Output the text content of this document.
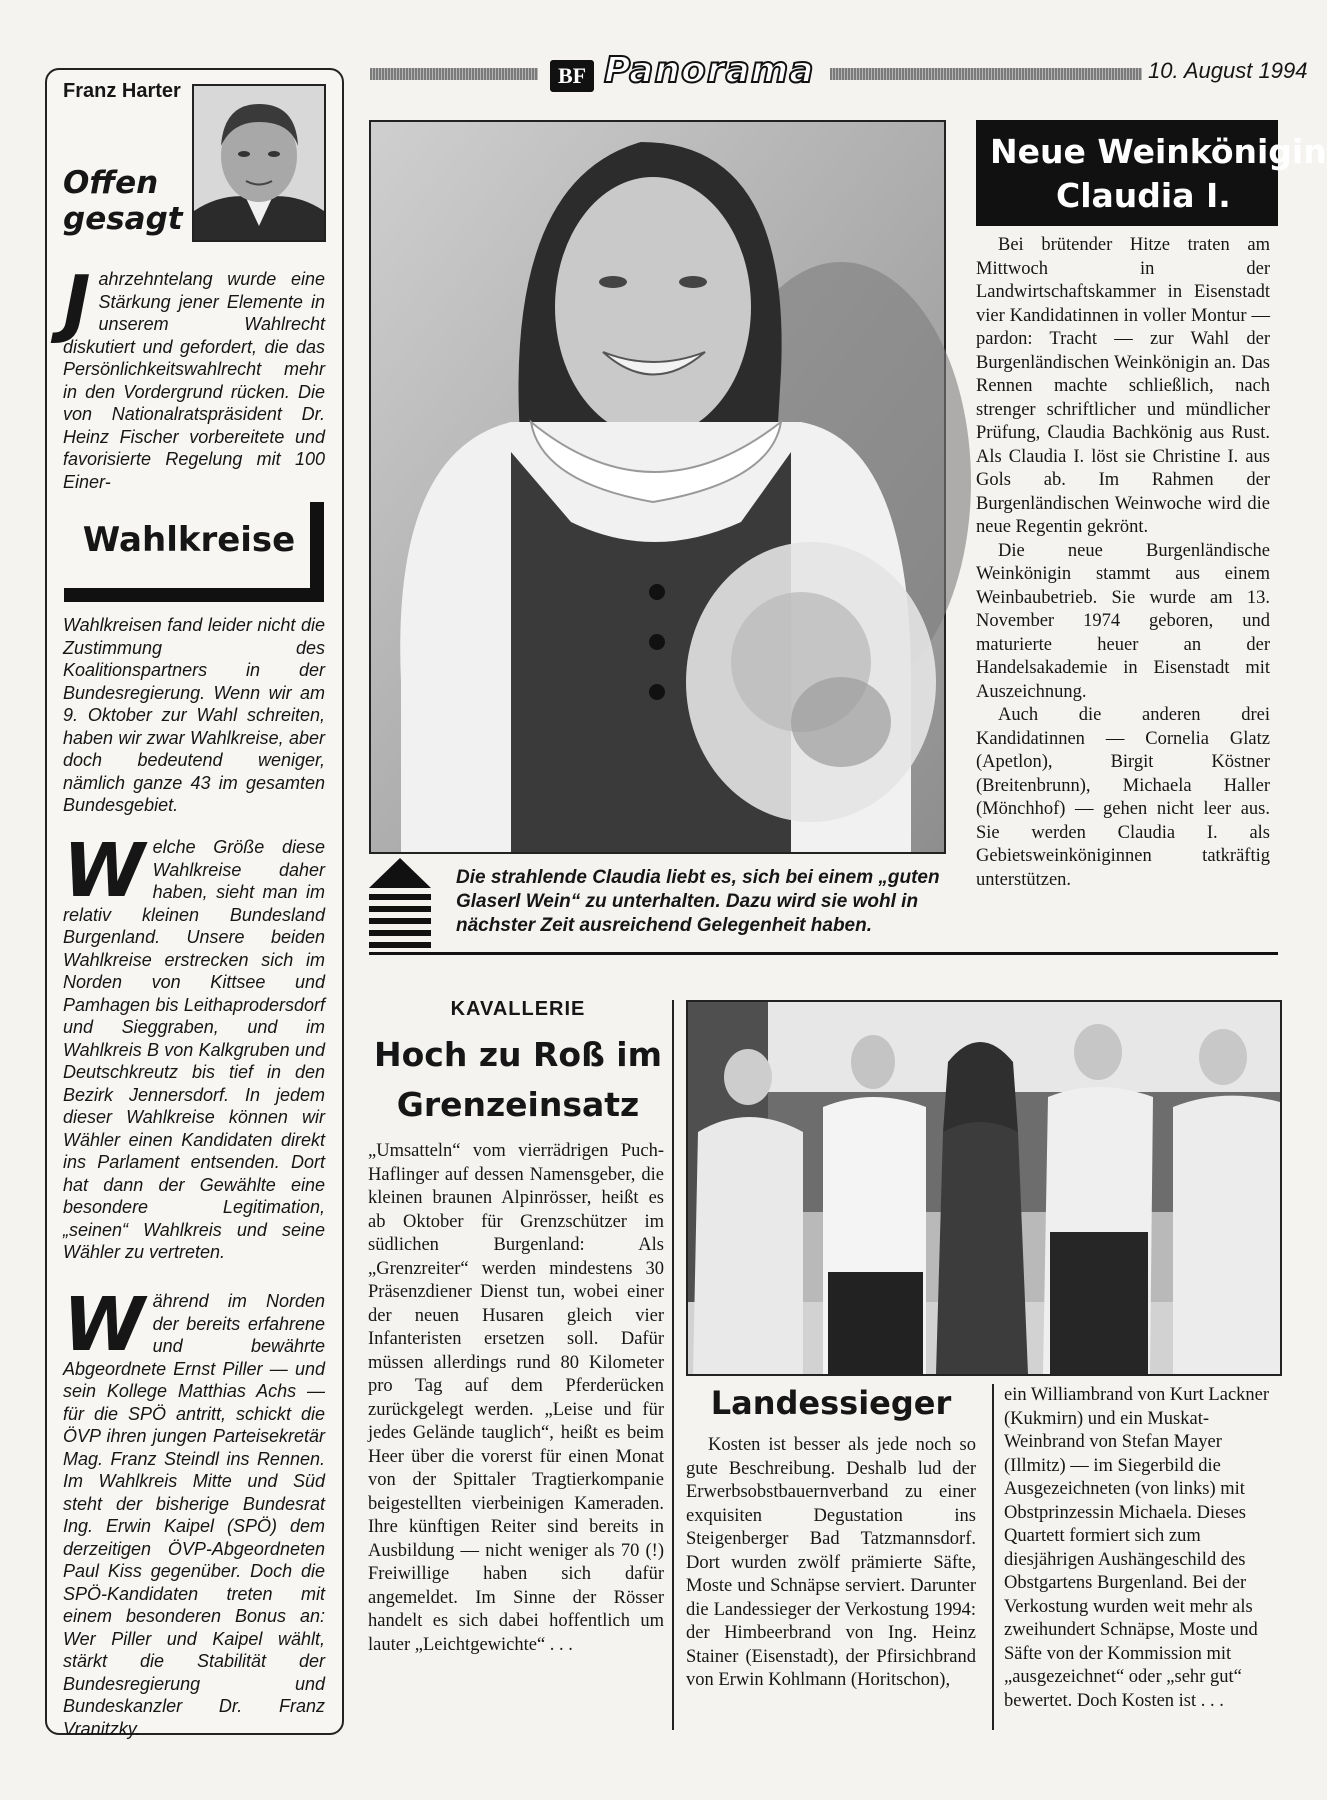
BF Panorama	10. August 1994
Franz Harter
Offen gesagt
J ahrzehntelang wurde eine Stärkung jener Elemente in unserem Wahlrecht diskutiert und gefordert, die das Persönlichkeitswahlrecht mehr in den Vordergrund rücken. Die von Nationalratspräsident Dr. Heinz Fischer vorbereitete und favorisierte Regelung mit 100 Einer-
Wahlkreise
Wahlkreisen fand leider nicht die Zustimmung des Koalitionspartners in der Bundesregierung. Wenn wir am 9. Oktober zur Wahl schreiten, haben wir zwar Wahlkreise, aber doch bedeutend weniger, nämlich ganze 43 im gesamten Bundesgebiet.
W elche Größe diese Wahlkreise daher haben, sieht man im relativ kleinen Bundesland Burgenland. Unsere beiden Wahlkreise erstrecken sich im Norden von Kittsee und Pamhagen bis Leithaprodersdorf und Sieggraben, und im Wahlkreis B von Kalkgruben und Deutschkreutz bis tief in den Bezirk Jennersdorf. In jedem dieser Wahlkreise können wir Wähler einen Kandidaten direkt ins Parlament entsenden. Dort hat dann der Gewählte eine besondere Legitimation, „seinen“ Wahlkreis und seine Wähler zu vertreten.
W ährend im Norden der bereits erfahrene und bewährte Abgeordnete Ernst Piller — und sein Kollege Matthias Achs — für die SPÖ antritt, schickt die ÖVP ihren jungen Parteisekretär Mag. Franz Steindl ins Rennen. Im Wahlkreis Mitte und Süd steht der bisherige Bundesrat Ing. Erwin Kaipel (SPÖ) dem derzeitigen ÖVP-Abgeordneten Paul Kiss gegenüber. Doch die SPÖ-Kandidaten treten mit einem besonderen Bonus an: Wer Piller und Kaipel wählt, stärkt die Stabilität der Bundesregierung und Bundeskanzler Dr. Franz Vranitzky.
Die strahlende Claudia liebt es, sich bei einem „guten Glaserl Wein“ zu unterhalten. Dazu wird sie wohl in nächster Zeit ausreichend Gelegenheit haben.
Neue Weinkönigin
Claudia I.

Bei brütender Hitze traten am Mittwoch in der Landwirtschaftskammer in Eisenstadt vier Kandidatinnen in voller Montur — pardon: Tracht — zur Wahl der Burgenländischen Weinkönigin an. Das Rennen machte schließlich, nach strenger schriftlicher und mündlicher Prüfung, Claudia Bachkönig aus Rust. Als Claudia I. löst sie Christine I. aus Gols ab. Im Rahmen der Burgenländischen Weinwoche wird die neue Regentin gekrönt.

Die neue Burgenländische Weinkönigin stammt aus einem Weinbaubetrieb. Sie wurde am 13. November 1974 geboren, und maturierte heuer an der Handelsakademie in Eisenstadt mit Auszeichnung.

Auch die anderen drei Kandidatinnen — Cornelia Glatz (Apetlon), Birgit Köstner (Breitenbrunn), Michaela Haller (Mönchhof) — gehen nicht leer aus. Sie werden Claudia I. als Gebietsweinköniginnen tatkräftig unterstützen.

KAVALLERIE
Hoch zu Roß im
Grenzeinsatz
„Umsatteln“ vom vierrädrigen Puch-Haflinger auf dessen Namensgeber, die kleinen braunen Alpinrösser, heißt es ab Oktober für Grenzschützer im südlichen Burgenland: Als „Grenzreiter“ werden mindestens 30 Präsenzdiener Dienst tun, wobei einer der neuen Husaren gleich vier Infanteristen ersetzen soll. Dafür müssen allerdings rund 80 Kilometer pro Tag auf dem Pferderücken zurückgelegt werden. „Leise und für jedes Gelände tauglich“, heißt es beim Heer über die vorerst für einen Monat von der Spittaler Tragtierkompanie beigestellten vierbeinigen Kameraden. Ihre künftigen Reiter sind bereits in Ausbildung — nicht weniger als 70 (!) Freiwillige haben sich dafür angemeldet. Im Sinne der Rösser handelt es sich dabei hoffentlich um lauter „Leichtgewichte“ . . .
Landessieger
Kosten ist besser als jede noch so gute Beschreibung. Deshalb lud der Erwerbsobstbauernverband zu einer exquisiten Degustation ins Steigenberger Bad Tatzmannsdorf. Dort wurden zwölf prämierte Säfte, Moste und Schnäpse serviert. Darunter die Landessieger der Verkostung 1994: der Himbeerbrand von Ing. Heinz Stainer (Eisenstadt), der Pfirsichbrand von Erwin Kohlmann (Horitschon),
ein Williambrand von Kurt Lackner (Kukmirn) und ein Muskat-Weinbrand von Stefan Mayer (Illmitz) — im Siegerbild die Ausgezeichneten (von links) mit Obstprinzessin Michaela. Dieses Quartett formiert sich zum diesjährigen Aushängeschild des Obstgartens Burgenland. Bei der Verkostung wurden weit mehr als zweihundert Schnäpse, Moste und Säfte von der Kommission mit „ausgezeichnet“ oder „sehr gut“ bewertet. Doch Kosten ist . . .
